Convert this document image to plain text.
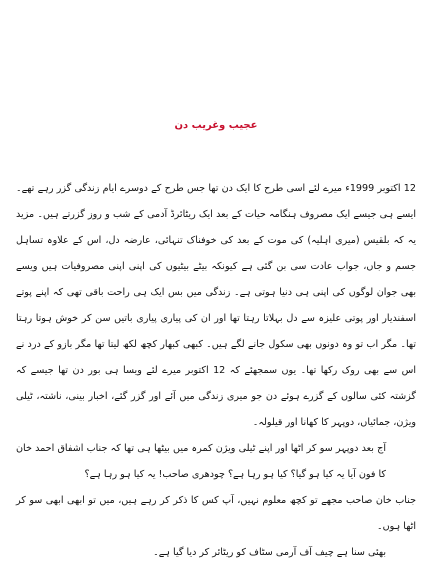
عجیب وغریب دن

12 اکتوبر 1999ء میرے لئے اسی طرح کا ایک دن تھا جس طرح کے دوسرے ایام زندگی گزر رہے تھے۔ ایسے ہی جیسے ایک مصروف ہنگامہ حیات کے بعد ایک ریٹائرڈ آدمی کے شب و روز گزرتے ہیں۔ مزید یہ کہ بلقیس (میری اہلیہ) کی موت کے بعد کی خوفناک تنہائی، عارضہ دل، اس کے علاوہ تساہل جسم و جاں، جواب عادت سی بن گئی ہے کیونکہ بیٹے بیٹیوں کی اپنی اپنی مصروفیات ہیں ویسے بھی جوان لوگوں کی اپنی ہی دنیا ہوتی ہے۔ زندگی میں بس ایک ہی راحت باقی تھی کہ اپنے پوتے اسفندیار اور پوتی علیزہ سے دل بہلاتا رہتا تھا اور ان کی پیاری پیاری باتیں سن کر خوش ہوتا رہتا تھا۔ مگر اب تو وہ دونوں بھی سکول جانے لگے ہیں۔ کبھی کبھار کچھ لکھ لیتا تھا مگر بازو کے درد نے اس سے بھی روک رکھا تھا۔ یوں سمجھئے کہ 12 اکتوبر میرے لئے ویسا ہی بور دن تھا جیسے کہ گزشتہ کئی سالوں کے گزرے ہوئے دن جو میری زندگی میں آئے اور گزر گئے، اخبار بینی، ناشتہ، ٹیلی ویژن، جمائیاں، دوپہر کا کھانا اور قیلولہ۔

آج بعد دوپہر سو کر اٹھا اور اپنے ٹیلی ویژن کمرہ میں بیٹھا ہی تھا کہ جناب اشفاق احمد خان کا فون آیا یہ کیا ہو گیا؟ کیا ہو رہا ہے؟ چودھری صاحب! یہ کیا ہو رہا ہے؟

جناب خان صاحب مجھے تو کچھ معلوم نہیں، آپ کس کا ذکر کر رہے ہیں، میں تو ابھی ابھی سو کر اٹھا ہوں۔

بھئی سنا ہے چیف آف آرمی سٹاف کو ریٹائر کر دیا گیا ہے۔
